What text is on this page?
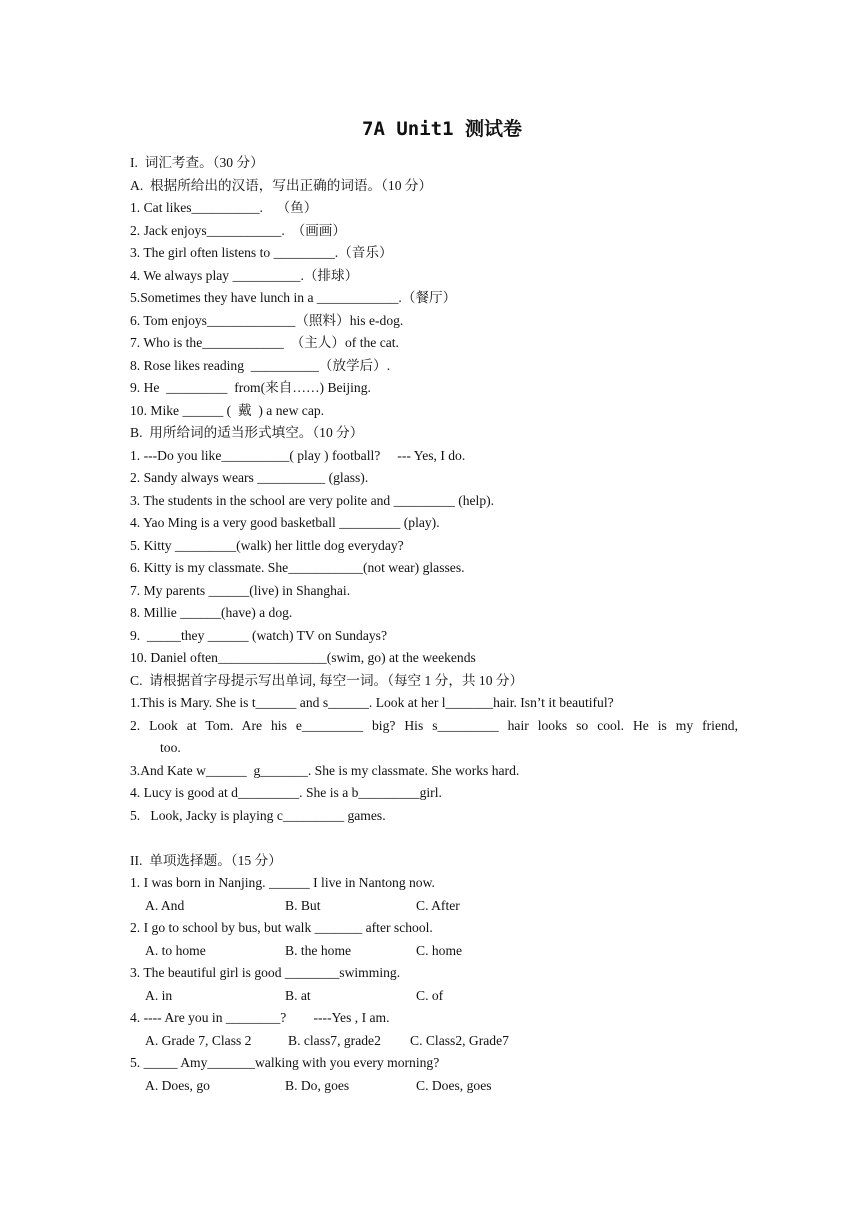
7A Unit1 测试卷
I.  词汇考查。（30 分）
A.  根据所给出的汉语，写出正确的词语。（10 分）
1. Cat likes__________.    （鱼）
2. Jack enjoys___________.  （画画）
3. The girl often listens to _________.（音乐）
4. We always play __________.（排球）
5.Sometimes they have lunch in a ____________.（餐厅）
6. Tom enjoys_____________（照料）his e-dog.
7. Who is the____________  （主人）of the cat.
8. Rose likes reading  __________（放学后）.
9. He  _________  from(来自……) Beijing.
10. Mike ______ (  戴  ) a new cap.
B.  用所给词的适当形式填空。（10 分）
1. ---Do you like__________( play ) football?     --- Yes, I do.
2. Sandy always wears __________ (glass).
3. The students in the school are very polite and _________ (help).
4. Yao Ming is a very good basketball _________ (play).
5. Kitty _________(walk) her little dog everyday?
6. Kitty is my classmate. She___________(not wear) glasses.
7. My parents ______(live) in Shanghai.
8. Millie ______(have) a dog.
9.  _____they ______ (watch) TV on Sundays?
10. Daniel often________________(swim, go) at the weekends
C.  请根据首字母提示写出单词, 每空一词。（每空 1 分，共 10 分）
1.This is Mary. She is t______ and s______. Look at her l_______hair. Isn’t it beautiful?
2. Look at Tom. Are his e_________ big? His s_________ hair looks so cool. He is my friend,
too.
3.And Kate w______  g_______. She is my classmate. She works hard.
4. Lucy is good at d_________. She is a b_________girl.
5.   Look, Jacky is playing c_________ games.
II.  单项选择题。（15 分）
1. I was born in Nanjing. ______ I live in Nantong now.

A. And

	B. But

	C. After

2. I go to school by bus, but walk _______ after school.

A. to home

	B. the home

	C. home

3. The beautiful girl is good ________swimming.

A. in

	B. at

	C. of

4. ---- Are you in ________?        ----Yes , I am.

A. Grade 7, Class 2

	B. class7, grade2

C. Class2, Grade7

5. _____ Amy_______walking with you every morning?

A. Does, go

	B. Do, goes

	C. Does, goes
